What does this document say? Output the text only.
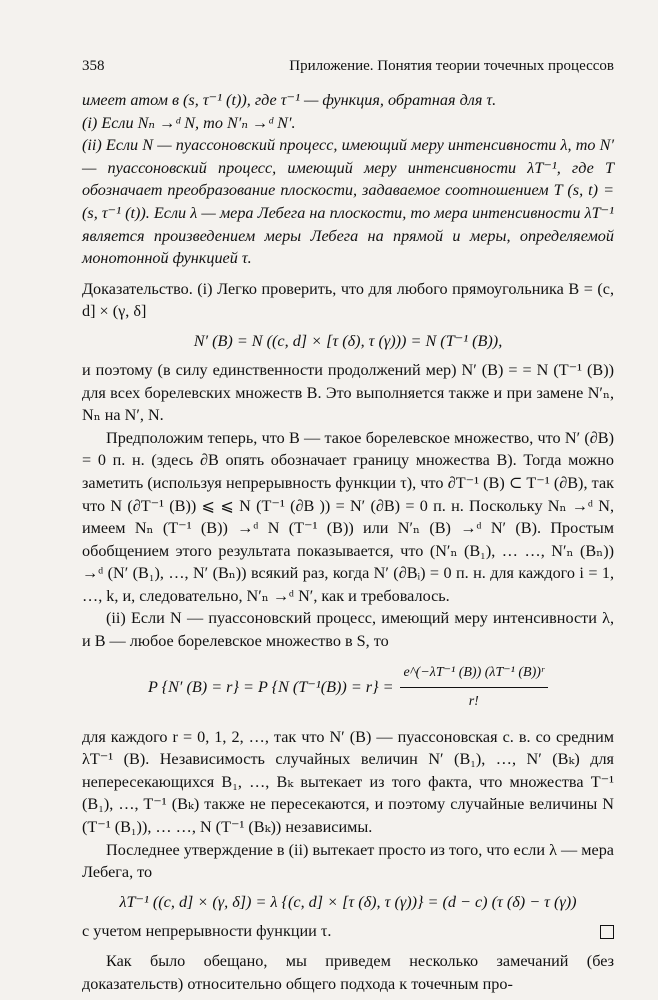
358	Приложение. Понятия теории точечных процессов

имеет атом в (s, τ⁻¹ (t)), где τ⁻¹ — функция, обратная для τ.

(i) Если Nₙ →ᵈ N, то N′ₙ →ᵈ N′.

(ii) Если N — пуассоновский процесс, имеющий меру интенсивности λ, то N′ — пуассоновский процесс, имеющий меру интенсивности λT⁻¹, где T обозначает преобразование плоскости, задаваемое соотношением T (s, t) = (s, τ⁻¹ (t)). Если λ — мера Лебега на плоскости, то мера интенсивности λT⁻¹ является произведением меры Лебега на прямой и меры, определяемой монотонной функцией τ.

Доказательство. (i) Легко проверить, что для любого прямоугольника B = (c, d] × (γ, δ]

N′ (B) = N ((c, d] × [τ (δ), τ (γ))) = N (T⁻¹ (B)),

и поэтому (в силу единственности продолжений мер) N′ (B) = = N (T⁻¹ (B)) для всех борелевских множеств B. Это выполняется также и при замене N′ₙ, Nₙ на N′, N.

Предположим теперь, что B — такое борелевское множество, что N′ (∂B) = 0 п. н. (здесь ∂B опять обозначает границу множества B). Тогда можно заметить (используя непрерывность функции τ), что ∂T⁻¹ (B) ⊂ T⁻¹ (∂B), так что N (∂T⁻¹ (B)) ⩽ ⩽ N (T⁻¹ (∂B )) = N′ (∂B) = 0 п. н. Поскольку Nₙ →ᵈ N, имеем Nₙ (T⁻¹ (B)) →ᵈ N (T⁻¹ (B)) или N′ₙ (B) →ᵈ N′ (B). Простым обобщением этого результата показывается, что (N′ₙ (B₁), … …, N′ₙ (Bₙ)) →ᵈ (N′ (B₁), …, N′ (Bₙ)) всякий раз, когда N′ (∂Bᵢ) = 0 п. н. для каждого i = 1, …, k, и, следовательно, N′ₙ →ᵈ N′, как и требовалось.

(ii) Если N — пуассоновский процесс, имеющий меру интенсивности λ, и B — любое борелевское множество в S, то

P {N′ (B) = r} = P {N $(T^{-1}(B)) = r\} = \frac{\text{e\textasciicircum{}(−λT⁻¹ (B)) (λT⁻¹ (B))ʳ}}{r!}$

для каждого r = 0, 1, 2, …, так что N′ (B) — пуассоновская с. в. со средним λT⁻¹ (B). Независимость случайных величин N′ (B₁), …, N′ (Bₖ) для непересекающихся B₁, …, Bₖ вытекает из того факта, что множества T⁻¹ (B₁), …, T⁻¹ (Bₖ) также не пересекаются, и поэтому случайные величины N (T⁻¹ (B₁)), … …, N (T⁻¹ (Bₖ)) независимы.

Последнее утверждение в (ii) вытекает просто из того, что если λ — мера Лебега, то

λT⁻¹ ((c, d] × (γ, δ]) = λ {(c, d] × [τ (δ), τ (γ))} = (d − c) (τ (δ) − τ (γ))

с учетом непрерывности функции τ.

Как было обещано, мы приведем несколько замечаний (без доказательств) относительно общего подхода к точечным про-
